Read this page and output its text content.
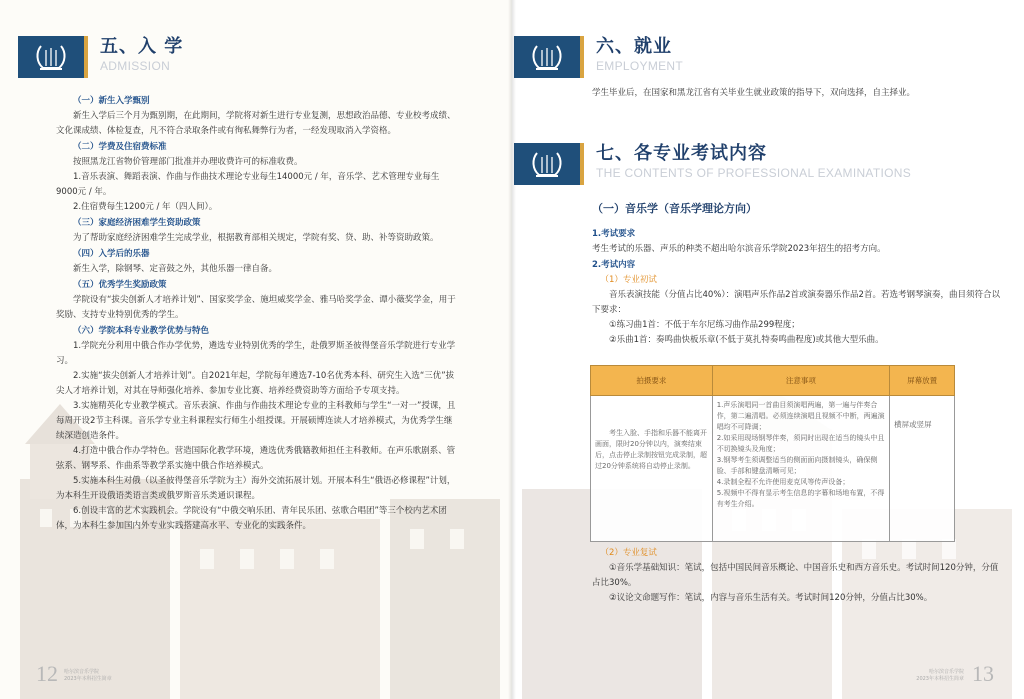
五、入 学
ADMISSION
（一）新生入学甄别
新生入学后三个月为甄别期，在此期间，学院将对新生进行专业复测，思想政治品德、专业校考成绩、文化课成绩、体检复查，凡不符合录取条件或有徇私舞弊行为者，一经发现取消入学资格。
（二）学费及住宿费标准
按照黑龙江省物价管理部门批准并办理收费许可的标准收费。
1.音乐表演、舞蹈表演、作曲与作曲技术理论专业每生14000元 / 年，音乐学、艺术管理专业每生9000元 / 年。
2.住宿费每生1200元 / 年（四人间）。
（三）家庭经济困难学生资助政策
为了帮助家庭经济困难学生完成学业，根据教育部相关规定，学院有奖、贷、助、补等资助政策。
（四）入学后的乐器
新生入学，除钢琴、定音鼓之外，其他乐器一律自备。
（五）优秀学生奖励政策
学院设有“拔尖创新人才培养计划”、国家奖学金、施坦威奖学金、雅马哈奖学金、谭小薇奖学金，用于奖励、支持专业特别优秀的学生。
（六）学院本科专业教学优势与特色
1.学院充分利用中俄合作办学优势，遴选专业特别优秀的学生，赴俄罗斯圣彼得堡音乐学院进行专业学习。
2.实施“拔尖创新人才培养计划”。自2021年起，学院每年遴选7-10名优秀本科、研究生入选“三优”拔尖人才培养计划，对其在导师强化培养、参加专业比赛、培养经费资助等方面给予专项支持。
3.实施精英化专业教学模式。音乐表演、作曲与作曲技术理论专业的主科教师与学生“一对一”授课，且每周开设2节主科课。音乐学专业主科课程实行师生小组授课。开展硕博连读人才培养模式，为优秀学生继续深造创造条件。
4.打造中俄合作办学特色。营造国际化教学环境，遴选优秀俄籍教师担任主科教师。在声乐歌剧系、管弦系、钢琴系、作曲系等教学系实施中俄合作培养模式。
5.实施本科生对俄（以圣彼得堡音乐学院为主）海外交流拓展计划。开展本科生“俄语必修课程”计划，为本科生开设俄语类语言类或俄罗斯音乐类通识课程。
6.创设丰富的艺术实践机会。学院设有“中俄交响乐团、青年民乐团、弦歌合唱团”等三个校内艺术团体，为本科生参加国内外专业实践搭建高水平、专业化的实践条件。
12 哈尔滨音乐学院
2023年本科招生简章
六、就业
EMPLOYMENT
学生毕业后，在国家和黑龙江省有关毕业生就业政策的指导下，双向选择，自主择业。
七、各专业考试内容
THE CONTENTS OF PROFESSIONAL EXAMINATIONS
（一）音乐学（音乐学理论方向）
1.考试要求
考生考试的乐器、声乐的种类不超出哈尔滨音乐学院2023年招生的招考方向。
2.考试内容
（1）专业初试
音乐表演技能（分值占比40%）：演唱声乐作品2首或演奏器乐作品2首。若选考钢琴演奏，曲目须符合以下要求：
①练习曲1首：不低于车尔尼练习曲作品299程度；
②乐曲1首：奏鸣曲快板乐章(不低于莫扎特奏鸣曲程度)或其他大型乐曲。
拍摄要求	注意事项	屏幕放置
考生入脸、手指和乐器不能离开画面，限时20分钟以内，演奏结束后，点击停止录制按钮完成录制，超过20分钟系统将自动停止录制。	1.声乐演唱同一首曲目须演唱两遍，第一遍与伴奏合作，第二遍清唱。必须连续演唱且视频不中断，两遍演唱均不可降调；
2.如采用现场钢琴伴奏，须同时出现在适当的镜头中且不切换镜头及角度；
3.钢琴考生须调整适当的侧面面向摄制镜头，确保侧脸、手部和键盘清晰可见；
4.录制全程不允许使用麦克风等传声设备；
5.视频中不得有显示考生信息的字幕和场地布置，不得有考生介绍。	横屏或竖屏
（2）专业复试
①音乐学基础知识：笔试，包括中国民间音乐概论、中国音乐史和西方音乐史。考试时间120分钟，分值占比30%。
②议论文命题写作：笔试，内容与音乐生活有关。考试时间120分钟，分值占比30%。
哈尔滨音乐学院
2023年本科招生简章 13
